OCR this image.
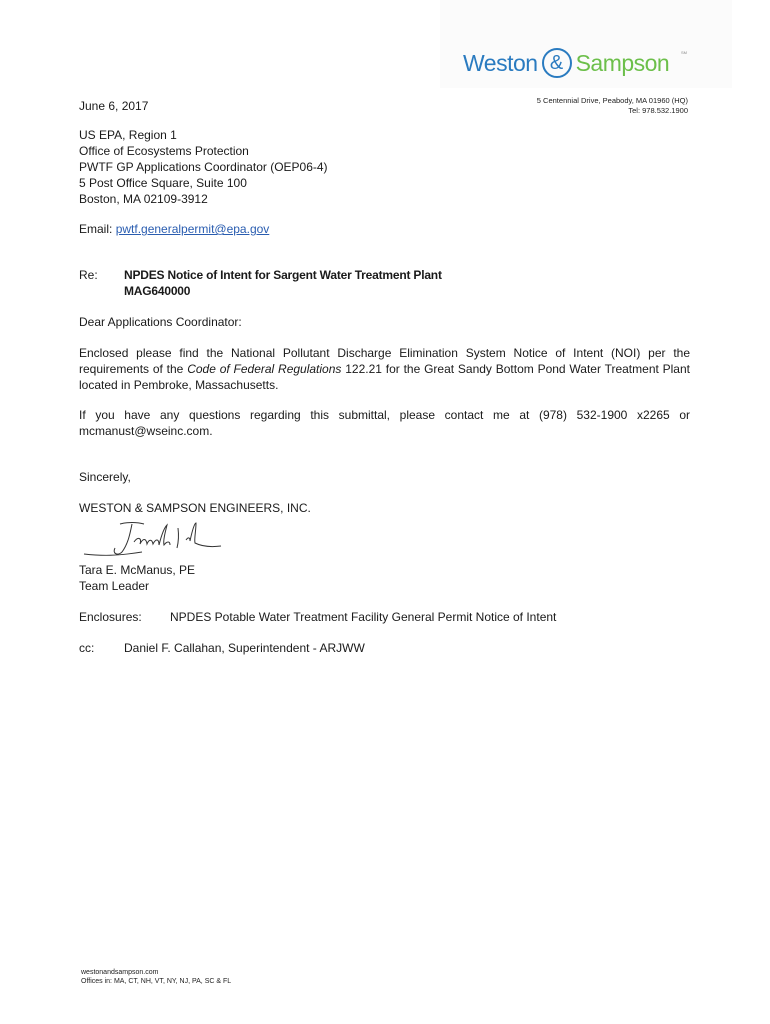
Weston & Sampson	SM
5 Centennial Drive, Peabody, MA 01960 (HQ)
Tel: 978.532.1900
June 6, 2017
US EPA, Region 1
Office of Ecosystems Protection
PWTF GP Applications Coordinator (OEP06-4)
5 Post Office Square, Suite 100
Boston, MA 02109-3912
Email: pwtf.generalpermit@epa.gov
Re: NPDES Notice of Intent for Sargent Water Treatment Plant
MAG640000
Dear Applications Coordinator:
Enclosed please find the National Pollutant Discharge Elimination System Notice of Intent (NOI) per the requirements of the Code of Federal Regulations 122.21 for the Great Sandy Bottom Pond Water Treatment Plant located in Pembroke, Massachusetts.
If you have any questions regarding this submittal, please contact me at (978) 532-1900 x2265 or mcmanust@wseinc.com.
Sincerely,
WESTON & SAMPSON ENGINEERS, INC.
Tara E. McManus, PE
Team Leader
Enclosures: NPDES Potable Water Treatment Facility General Permit Notice of Intent
cc: Daniel F. Callahan, Superintendent - ARJWW
westonandsampson.com
Offices in: MA, CT, NH, VT, NY, NJ, PA, SC & FL
